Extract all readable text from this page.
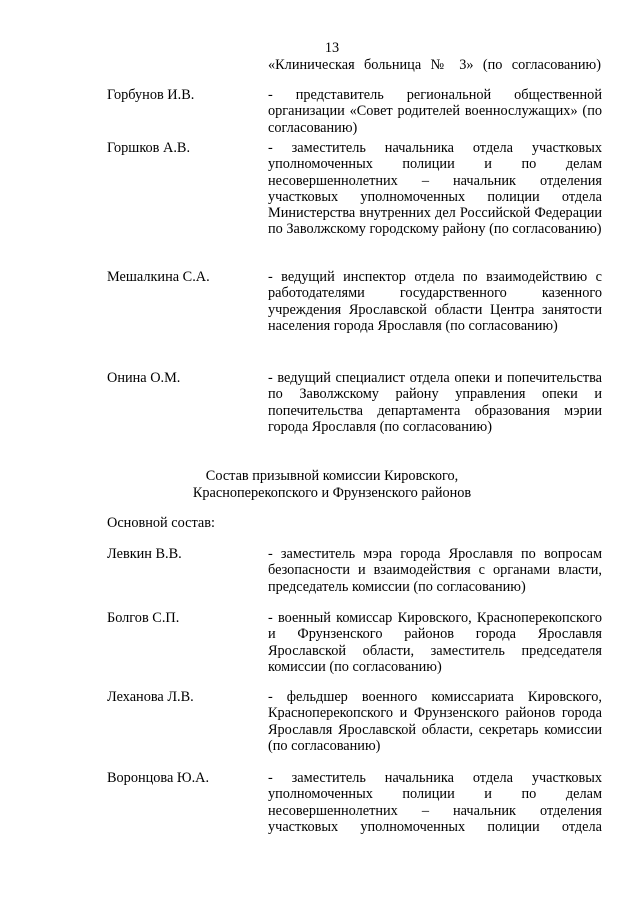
13
«Клиническая больница № 3» (по согласованию)
Горбунов И.В.	- представитель региональной общественной организации «Совет родителей военнослужащих» (по согласованию)
Горшков А.В.	- заместитель начальника отдела участковых уполномоченных полиции и по делам несовершеннолетних – начальник отделения участковых уполномоченных полиции отдела Министерства внутренних дел Российской Федерации по Заволжскому городскому району (по согласованию)
Мешалкина С.А.	- ведущий инспектор отдела по взаимодействию с работодателями государственного казенного учреждения Ярославской области Центра занятости населения города Ярославля (по согласованию)
Онина О.М.	- ведущий специалист отдела опеки и попечительства по Заволжскому району управления опеки и попечительства департамента образования мэрии города Ярославля (по согласованию)
Состав призывной комиссии Кировского,
Красноперекопского и Фрунзенского районов
Основной состав:
Левкин В.В.	- заместитель мэра города Ярославля по вопросам безопасности и взаимодействия с органами власти, председатель комиссии (по согласованию)
Болгов С.П.	- военный комиссар Кировского, Красноперекопского и Фрунзенского районов города Ярославля Ярославской области, заместитель председателя комиссии (по согласованию)
Леханова Л.В.	- фельдшер военного комиссариата Кировского, Красноперекопского и Фрунзенского районов города Ярославля Ярославской области, секретарь комиссии (по согласованию)
Воронцова Ю.А.	- заместитель начальника отдела участковых уполномоченных полиции и по делам несовершеннолетних – начальник отделения участковых уполномоченных полиции отдела
